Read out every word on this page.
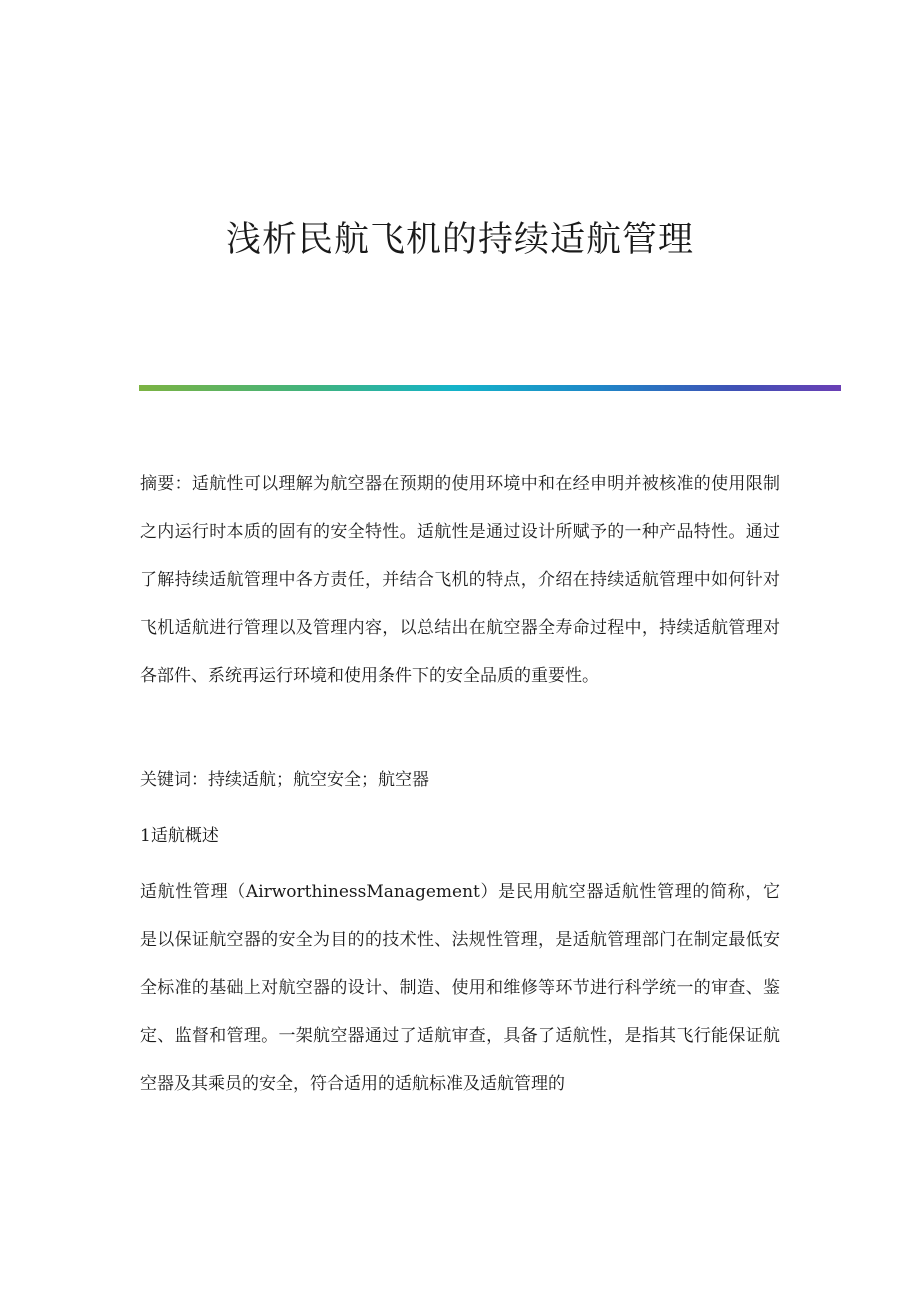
浅析民航飞机的持续适航管理

摘要：适航性可以理解为航空器在预期的使用环境中和在经申明并被核准的使用限制之内运行时本质的固有的安全特性。适航性是通过设计所赋予的一种产品特性。通过了解持续适航管理中各方责任，并结合飞机的特点，介绍在持续适航管理中如何针对飞机适航进行管理以及管理内容，以总结出在航空器全寿命过程中，持续适航管理对各部件、系统再运行环境和使用条件下的安全品质的重要性。

关键词：持续适航；航空安全；航空器

1适航概述

适航性管理（AirworthinessManagement）是民用航空器适航性管理的简称，它是以保证航空器的安全为目的的技术性、法规性管理，是适航管理部门在制定最低安全标准的基础上对航空器的设计、制造、使用和维修等环节进行科学统一的审查、鉴定、监督和管理。一架航空器通过了适航审查，具备了适航性，是指其飞行能保证航空器及其乘员的安全，符合适用的适航标准及适航管理的
